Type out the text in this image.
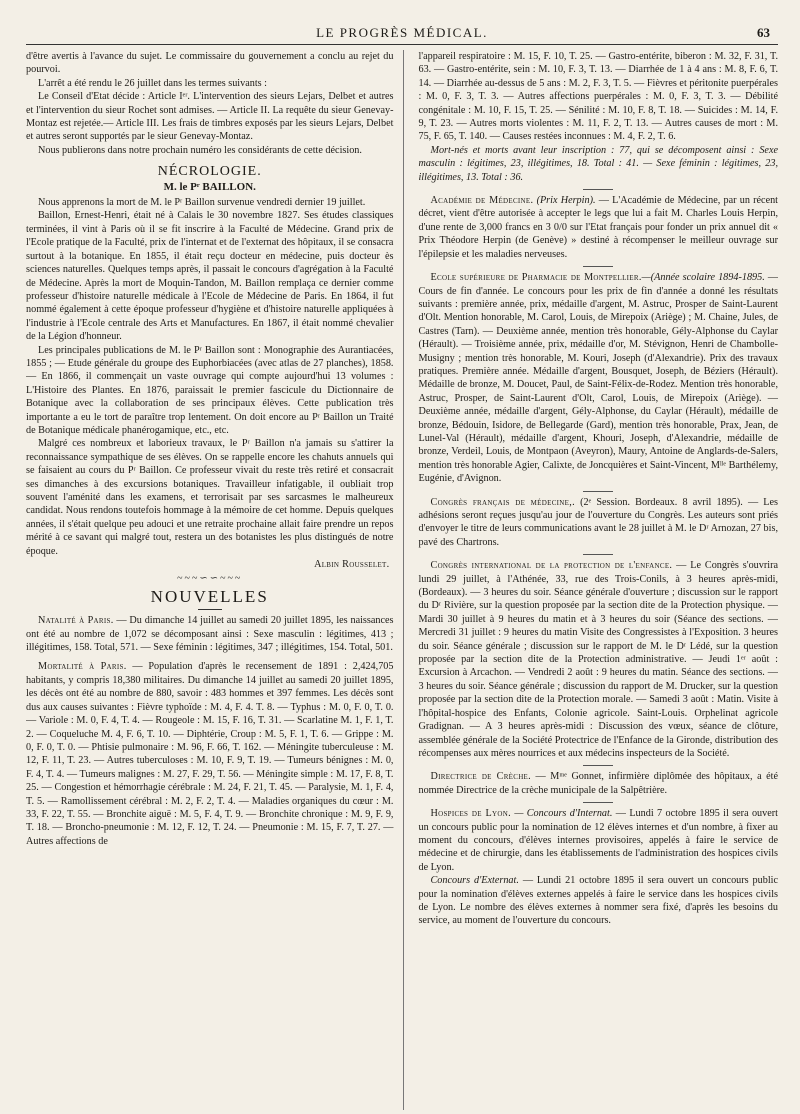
LE PROGRÈS MÉDICAL.	63

d'être avertis à l'avance du sujet. Le commissaire du gouvernement a conclu au rejet du pourvoi.

L'arrêt a été rendu le 26 juillet dans les termes suivants :

Le Conseil d'Etat décide : Article Iᵉʳ. L'intervention des sieurs Lejars, Delbet et autres et l'intervention du sieur Rochet sont admises. — Article II. La requête du sieur Genevay-Montaz est rejetée.— Article III. Les frais de timbres exposés par les sieurs Lejars, Delbet et autres seront supportés par le sieur Genevay-Montaz.

Nous publierons dans notre prochain numéro les considérants de cette décision.

NÉCROLOGIE.
M. le Pʳ BAILLON.

Nous apprenons la mort de M. le Pʳ Baillon survenue vendredi dernier 19 juillet.

Baillon, Ernest-Henri, était né à Calais le 30 novembre 1827. Ses études classiques terminées, il vint à Paris où il se fit inscrire à la Faculté de Médecine. Grand prix de l'Ecole pratique de la Faculté, prix de l'internat et de l'externat des hôpitaux, il se consacra surtout à la botanique. En 1855, il était reçu docteur en médecine, puis docteur ès sciences naturelles. Quelques temps après, il passait le concours d'agrégation à la Faculté de Médecine. Après la mort de Moquin-Tandon, M. Baillon remplaça ce dernier comme professeur d'histoire naturelle médicale à l'Ecole de Médecine de Paris. En 1864, il fut nommé également à cette époque professeur d'hygiène et d'histoire naturelle appliquées à l'industrie à l'Ecole centrale des Arts et Manufactures. En 1867, il était nommé chevalier de la Légion d'honneur.

Les principales publications de M. le Pʳ Baillon sont : Monographie des Aurantiacées, 1855 ; — Etude générale du groupe des Euphorbiacées (avec atlas de 27 planches), 1858.— En 1866, il commençait un vaste ouvrage qui compte aujourd'hui 13 volumes : L'Histoire des Plantes. En 1876, paraissait le premier fascicule du Dictionnaire de Botanique avec la collaboration de ses principaux élèves. Cette publication très importante a eu le tort de paraître trop lentement. On doit encore au Pʳ Baillon un Traité de Botanique médicale phanérogamique, etc., etc.

Malgré ces nombreux et laborieux travaux, le Pʳ Baillon n'a jamais su s'attirer la reconnaissance sympathique de ses élèves. On se rappelle encore les chahuts annuels qui se faisaient au cours du Pʳ Baillon. Ce professeur vivait du reste très retiré et consacrait ses dimanches à des excursions botaniques. Travailleur infatigable, il oubliait trop souvent l'aménité dans les examens, et terrorisait par ses sarcasmes le malheureux candidat. Nous rendons toutefois hommage à la mémoire de cet homme. Depuis quelques années, il s'était quelque peu adouci et une retraite prochaine allait faire prendre un repos mérité à ce savant qui malgré tout, restera un des botanistes les plus distingués de notre époque.

Albin Rousselet.
~~~∽∽~~~
NOUVELLES

Natalité à Paris. — Du dimanche 14 juillet au samedi 20 juillet 1895, les naissances ont été au nombre de 1,072 se décomposant ainsi : Sexe masculin : légitimes, 413 ; illégitimes, 158. Total, 571. — Sexe féminin : légitimes, 347 ; illégitimes, 154. Total, 501.

Mortalité à Paris. — Population d'après le recensement de 1891 : 2,424,705 habitants, y compris 18,380 militaires. Du dimanche 14 juillet au samedi 20 juillet 1895, les décès ont été au nombre de 880, savoir : 483 hommes et 397 femmes. Les décès sont dus aux causes suivantes : Fièvre typhoïde : M. 4, F. 4. T. 8. — Typhus : M. 0, F. 0, T. 0. — Variole : M. 0, F. 4, T. 4. — Rougeole : M. 15, F. 16, T. 31. — Scarlatine M. 1, F. 1, T. 2. — Coqueluche M. 4, F. 6, T. 10. — Diphtérie, Croup : M. 5, F. 1, T. 6. — Grippe : M. 0, F. 0, T. 0. — Phtisie pulmonaire : M. 96, F. 66, T. 162. — Méningite tuberculeuse : M. 12, F. 11, T. 23. — Autres tuberculoses : M. 10, F. 9, T. 19. — Tumeurs bénignes : M. 0, F. 4, T. 4. — Tumeurs malignes : M. 27, F. 29, T. 56. — Méningite simple : M. 17, F. 8, T. 25. — Congestion et hémorrhagie cérébrale : M. 24, F. 21, T. 45. — Paralysie, M. 1, F. 4, T. 5. — Ramollissement cérébral : M. 2, F. 2, T. 4. — Maladies organiques du cœur : M. 33, F. 22, T. 55. — Bronchite aiguë : M. 5, F. 4, T. 9. — Bronchite chronique : M. 9, F. 9, T. 18. — Broncho-pneumonie : M. 12, F. 12, T. 24. — Pneumonie : M. 15, F. 7, T. 27. — Autres affections de

l'appareil respiratoire : M. 15, F. 10, T. 25. — Gastro-entérite, biberon : M. 32, F. 31, T. 63. — Gastro-entérite, sein : M. 10, F. 3, T. 13. — Diarrhée de 1 à 4 ans : M. 8, F. 6, T. 14. — Diarrhée au-dessus de 5 ans : M. 2, F. 3, T. 5. — Fièvres et péritonite puerpérales : M. 0, F. 3, T. 3. — Autres affections puerpérales : M. 0, F. 3, T. 3. — Débilité congénitale : M. 10, F. 15, T. 25. — Sénilité : M. 10, F. 8, T. 18. — Suicides : M. 14, F. 9, T. 23. — Autres morts violentes : M. 11, F. 2, T. 13. — Autres causes de mort : M. 75, F. 65, T. 140. — Causes restées inconnues : M. 4, F. 2, T. 6.

Mort-nés et morts avant leur inscription : 77, qui se décomposent ainsi : Sexe masculin : légitimes, 23, illégitimes, 18. Total : 41. — Sexe féminin : légitimes, 23, illégitimes, 13. Total : 36.

Académie de Médecine. (Prix Herpin). — L'Académie de Médecine, par un récent décret, vient d'être autorisée à accepter le legs que lui a fait M. Charles Louis Herpin, d'une rente de 3,000 francs en 3 0/0 sur l'Etat français pour fonder un prix annuel dit « Prix Théodore Herpin (de Genève) » destiné à récompenser le meilleur ouvrage sur l'épilepsie et les maladies nerveuses.

Ecole supérieure de Pharmacie de Montpellier.—(Année scolaire 1894-1895. — Cours de fin d'année. Le concours pour les prix de fin d'année a donné les résultats suivants : première année, prix, médaille d'argent, M. Astruc, Prosper de Saint-Laurent d'Olt. Mention honorable, M. Carol, Louis, de Mirepoix (Ariège) ; M. Chaine, Jules, de Castres (Tarn). — Deuxième année, mention très honorable, Gély-Alphonse du Caylar (Hérault). — Troisième année, prix, médaille d'or, M. Stévignon, Henri de Chambolle-Musigny ; mention très honorable, M. Kouri, Joseph (d'Alexandrie). Prix des travaux pratiques. Première année. Médaille d'argent, Bousquet, Joseph, de Béziers (Hérault). Médaille de bronze, M. Doucet, Paul, de Saint-Félix-de-Rodez. Mention très honorable, Astruc, Prosper, de Saint-Laurent d'Olt, Carol, Louis, de Mirepoix (Ariège). — Deuxième année, médaille d'argent, Gély-Alphonse, du Caylar (Hérault), médaille de bronze, Bédouin, Isidore, de Bellegarde (Gard), mention très honorable, Prax, Jean, de Lunel-Val (Hérault), médaille d'argent, Khouri, Joseph, d'Alexandrie, médaille de bronze, Verdeil, Louis, de Montpaon (Aveyron), Maury, Antoine de Anglards-de-Salers, mention très honorable Agier, Calixte, de Joncquières et Saint-Vincent, Mˡˡᵉ Barthélemy, Eugénie, d'Avignon.

Congrès français de médecine,. (2ᵉ Session. Bordeaux. 8 avril 1895). — Les adhésions seront reçues jusqu'au jour de l'ouverture du Congrès. Les auteurs sont priés d'envoyer le titre de leurs communications avant le 28 juillet à M. le Dʳ Arnozan, 27 bis, pavé des Chartrons.

Congrès international de la protection de l'enfance. — Le Congrès s'ouvrira lundi 29 juillet, à l'Athénée, 33, rue des Trois-Conils, à 3 heures après-midi, (Bordeaux). — 3 heures du soir. Séance générale d'ouverture ; discussion sur le rapport du Dʳ Rivière, sur la question proposée par la section dite de la Protection physique. — Mardi 30 juillet à 9 heures du matin et à 3 heures du soir (Séance des sections. — Mercredi 31 juillet : 9 heures du matin Visite des Congressistes à l'Exposition. 3 heures du soir. Séance générale ; discussion sur le rapport de M. le Dʳ Lédé, sur la question proposée par la section dite de la Protection administrative. — Jeudi 1ᵉʳ août : Excursion à Arcachon. — Vendredi 2 août : 9 heures du matin. Séance des sections. — 3 heures du soir. Séance générale ; discussion du rapport de M. Drucker, sur la question proposée par la section dite de la Protection morale. — Samedi 3 août : Matin. Visite à l'hôpital-hospice des Enfants, Colonie agricole. Saint-Louis. Orphelinat agricole Gradignan. — A 3 heures après-midi : Discussion des vœux, séance de clôture, assemblée générale de la Société Protectrice de l'Enfance de la Gironde, distribution des récompenses aux mères nourrices et aux médecins inspecteurs de la Société.

Directrice de Crèche. — Mᵐᵉ Gonnet, infirmière diplômée des hôpitaux, a été nommée Directrice de la crèche municipale de la Salpêtrière.

Hospices de Lyon. — Concours d'Internat. — Lundi 7 octobre 1895 il sera ouvert un concours public pour la nomination de 12 élèves internes et d'un nombre, à fixer au moment du concours, d'élèves internes provisoires, appelés à faire le service de médecine et de chirurgie, dans les établissements de l'administration des hospices civils de Lyon.

Concours d'Externat. — Lundi 21 octobre 1895 il sera ouvert un concours public pour la nomination d'élèves externes appelés à faire le service dans les hospices civils de Lyon. Le nombre des élèves externes à nommer sera fixé, d'après les besoins du service, au moment de l'ouverture du concours.
